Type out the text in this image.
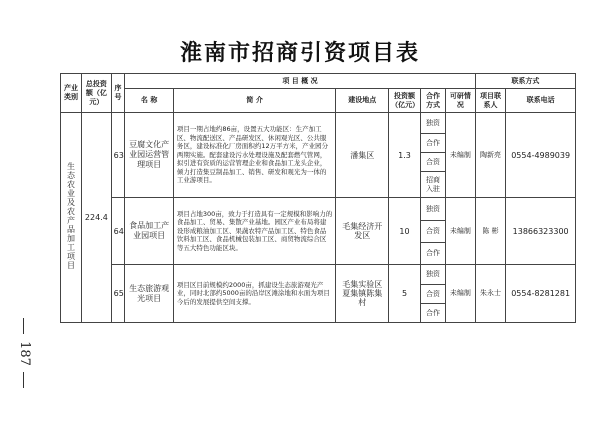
淮南市招商引资项目表
187
产业类别	总投资额（亿元）	序号	项 目 概 况						联系方式	
			名 称	简 介	建设地点	投资额（亿元）	合作方式	可研情况	项目联系人	联系电话
生态农业及农产品加工项目	224.4	63	豆腐文化产业园运营管理项目	项目一期占地约86亩，设置五大功能区：生产加工区、物流配送区、产品研发区、休闲观光区、公共服务区，建设标准化厂房面积约12万平方米，产业园分两期实施。配套建设污水处理设施及配套燃气管网，拟引进有资质的运营管理企业和食品加工龙头企业，倾力打造集豆制品加工、销售、研发和观光为一体的工业游项目。	潘集区	1.3	独资	未编制	陶新亮	0554-4989039
							合作			
							合资			
							招商入驻			
		64	食品加工产业园项目	项目占地300亩，致力于打造具有一定规模和影响力的食品加工、贸易、集散产业基地。园区产业布局将建设形成粮油加工区、果蔬农特产品加工区、特色食品饮料加工区、食品机械包装加工区、商贸物流综合区等五大特色功能区块。	毛集经济开发区	10	独资	未编制	陈 彬	13866323300
							合资			
							合作			
		65	生态旅游观光项目	项目区目前规模约2000亩，抓建设生态旅游观光产业，同时北部约5000亩的沿岸区滩涂地和水面为项目今后的发展提供空间支撑。	毛集实验区夏集镇陈集村	5	独资	未编制	朱永士	0554-8281281
							合资			
							合作			
